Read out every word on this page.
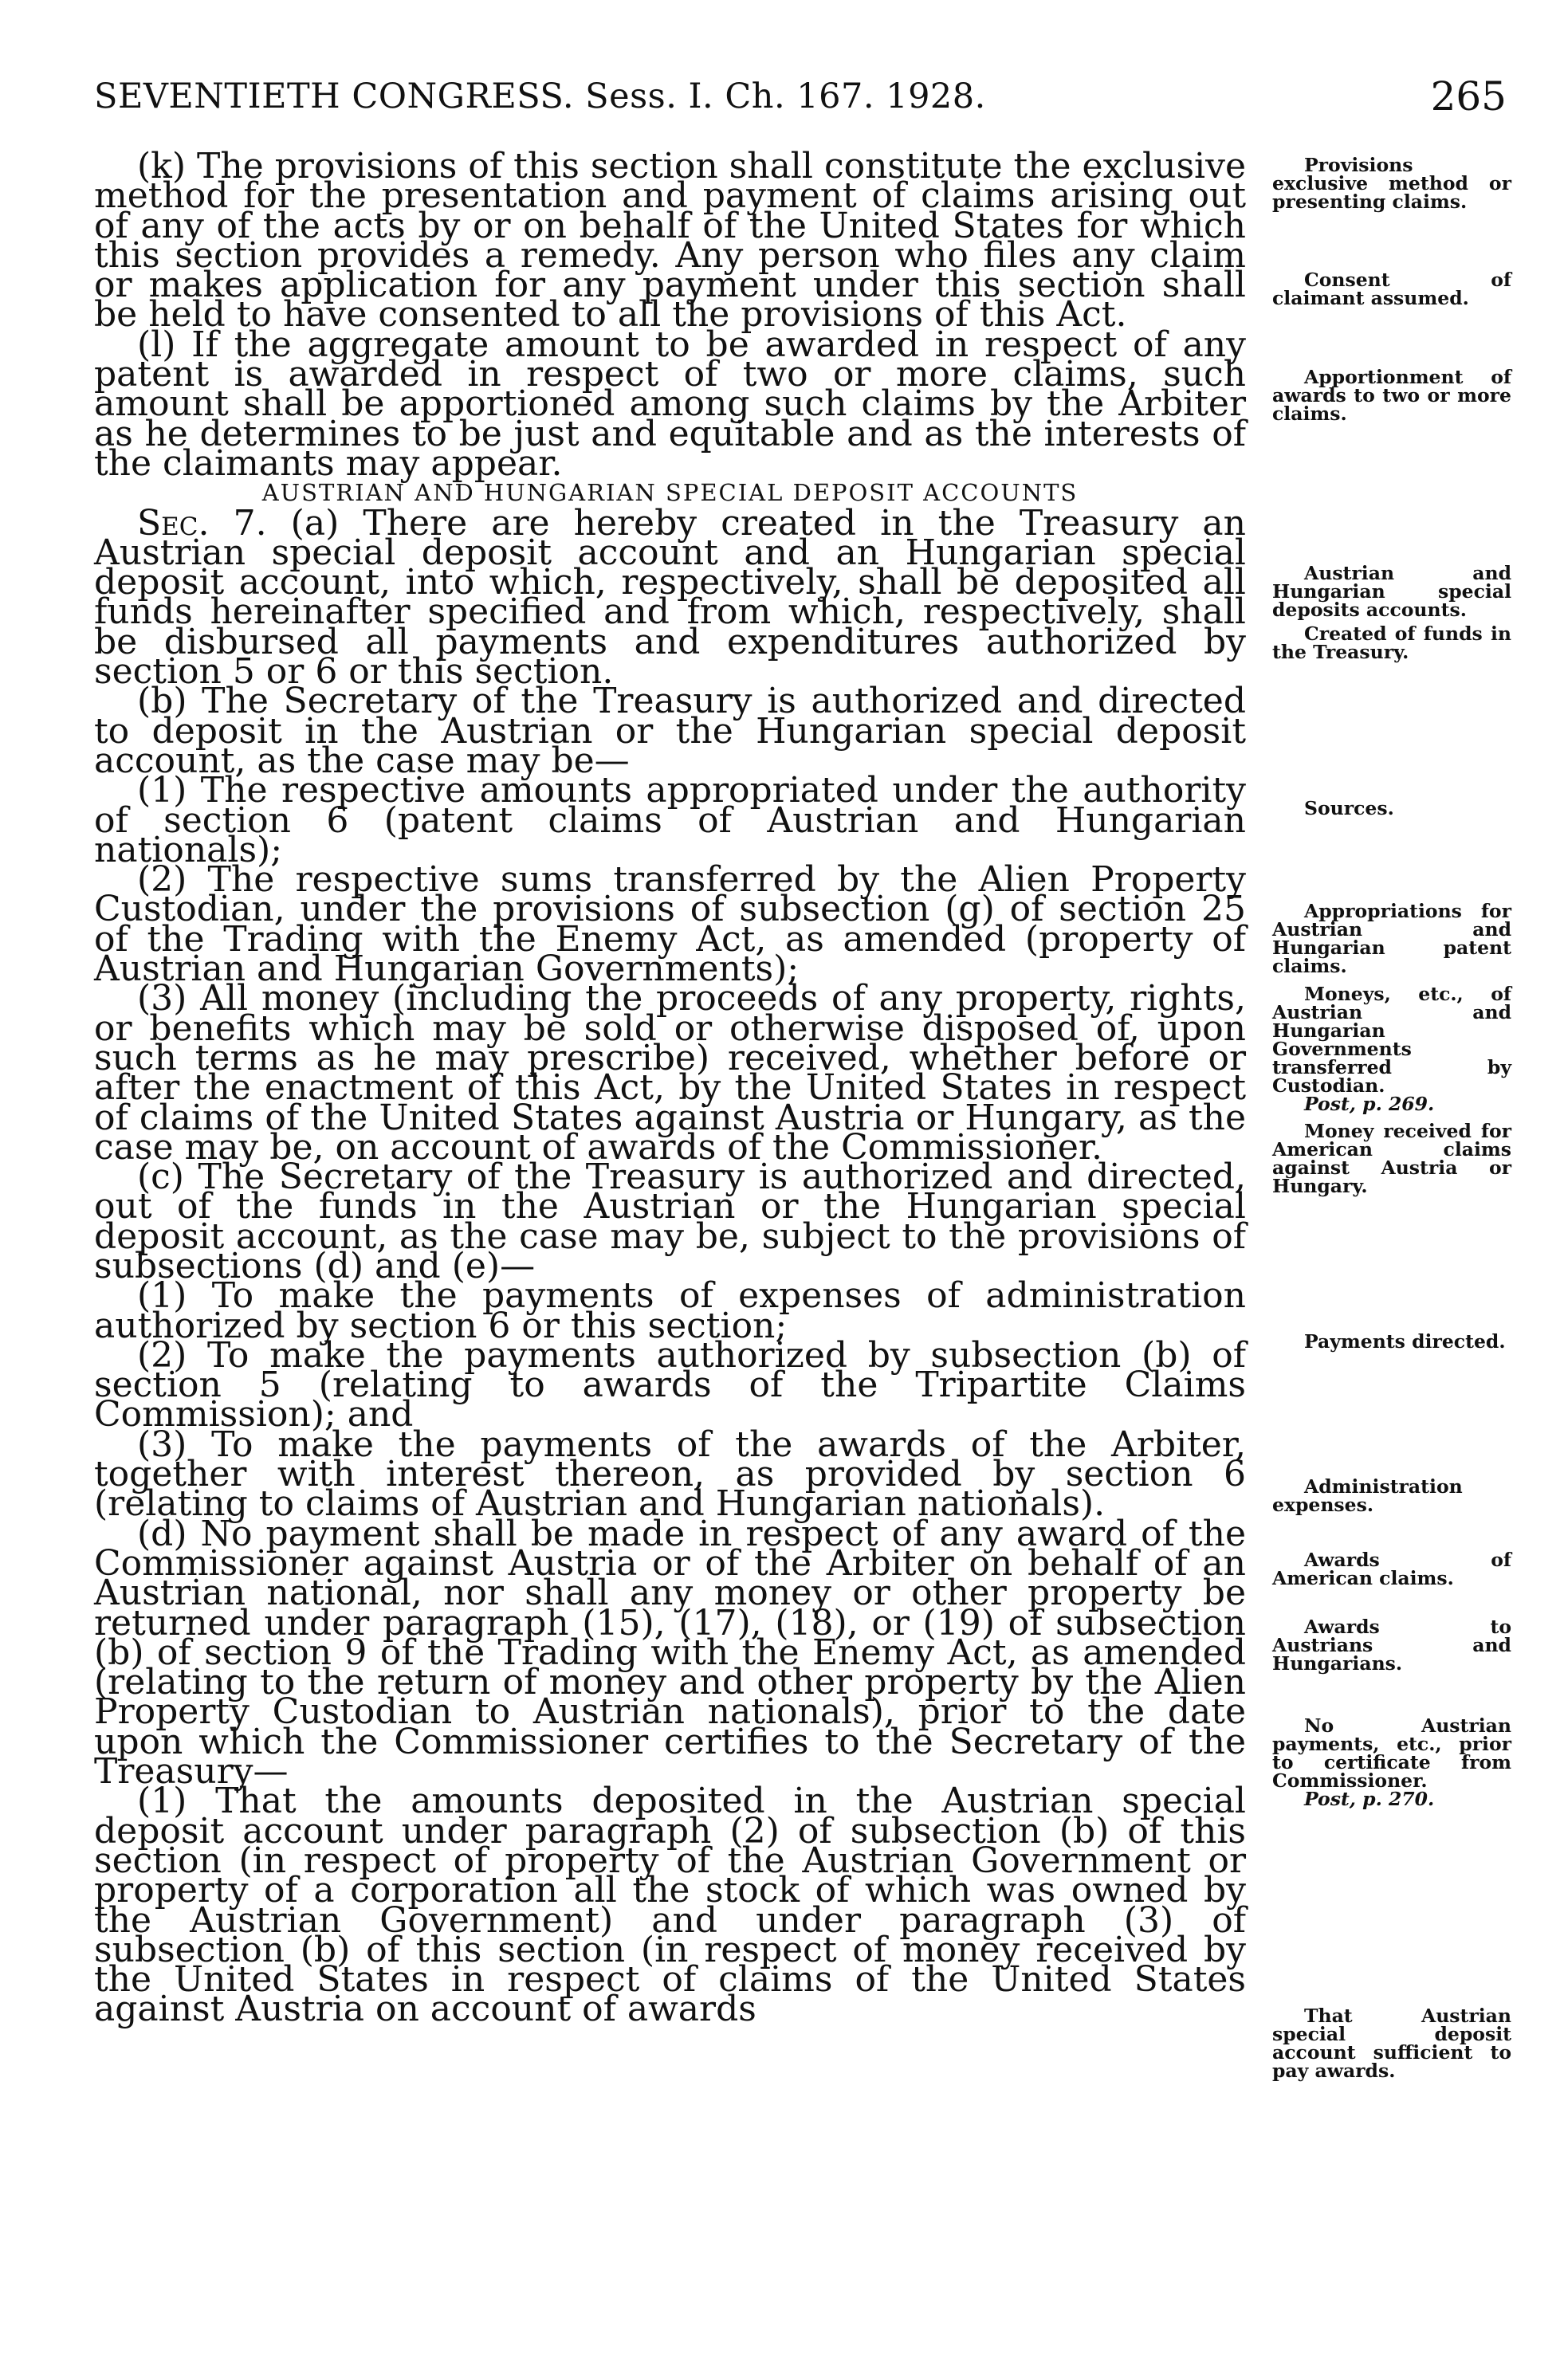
SEVENTIETH CONGRESS. Sess. I. Ch. 167. 1928.	265

(k) The provisions of this section shall constitute the exclusive method for the presentation and payment of claims arising out of any of the acts by or on behalf of the United States for which this section provides a remedy. Any person who files any claim or makes application for any payment under this section shall be held to have consented to all the provisions of this Act.

(l) If the aggregate amount to be awarded in respect of any patent is awarded in respect of two or more claims, such amount shall be apportioned among such claims by the Arbiter as he determines to be just and equitable and as the interests of the claimants may appear.

AUSTRIAN AND HUNGARIAN SPECIAL DEPOSIT ACCOUNTS

Sec. 7. (a) There are hereby created in the Treasury an Austrian special deposit account and an Hungarian special deposit account, into which, respectively, shall be deposited all funds hereinafter specified and from which, respectively, shall be disbursed all payments and expenditures authorized by section 5 or 6 or this section.

(b) The Secretary of the Treasury is authorized and directed to deposit in the Austrian or the Hungarian special deposit account, as the case may be—

(1) The respective amounts appropriated under the authority of section 6 (patent claims of Austrian and Hungarian nationals);

(2) The respective sums transferred by the Alien Property Custodian, under the provisions of subsection (g) of section 25 of the Trading with the Enemy Act, as amended (property of Austrian and Hungarian Governments);

(3) All money (including the proceeds of any property, rights, or benefits which may be sold or otherwise disposed of, upon such terms as he may prescribe) received, whether before or after the enactment of this Act, by the United States in respect of claims of the United States against Austria or Hungary, as the case may be, on account of awards of the Commissioner.

(c) The Secretary of the Treasury is authorized and directed, out of the funds in the Austrian or the Hungarian special deposit account, as the case may be, subject to the provisions of subsections (d) and (e)—

(1) To make the payments of expenses of administration authorized by section 6 or this section;

(2) To make the payments authorized by subsection (b) of section 5 (relating to awards of the Tripartite Claims Commission); and

(3) To make the payments of the awards of the Arbiter, together with interest thereon, as provided by section 6 (relating to claims of Austrian and Hungarian nationals).

(d) No payment shall be made in respect of any award of the Commissioner against Austria or of the Arbiter on behalf of an Austrian national, nor shall any money or other property be returned under paragraph (15), (17), (18), or (19) of subsection (b) of section 9 of the Trading with the Enemy Act, as amended (relating to the return of money and other property by the Alien Property Custodian to Austrian nationals), prior to the date upon which the Commissioner certifies to the Secretary of the Treasury—

(1) That the amounts deposited in the Austrian special deposit account under paragraph (2) of subsection (b) of this section (in respect of property of the Austrian Government or property of a corporation all the stock of which was owned by the Austrian Government) and under paragraph (3) of subsection (b) of this section (in respect of money received by the United States in respect of claims of the United States against Austria on account of awards

Provisions exclusive method or presenting claims.
Consent of claimant assumed.
Apportionment of awards to two or more claims.
Austrian and Hungarian special deposits accounts.
Created of funds in the Treasury.
Sources.
Appropriations for Austrian and Hungarian patent claims.
Moneys, etc., of Austrian and Hungarian Governments transferred by Custodian.
Post, p. 269.
Money received for American claims against Austria or Hungary.
Payments directed.
Administration expenses.
Awards of American claims.
Awards to Austrians and Hungarians.
No Austrian payments, etc., prior to certificate from Commissioner.
Post, p. 270.
That Austrian special deposit account sufficient to pay awards.
